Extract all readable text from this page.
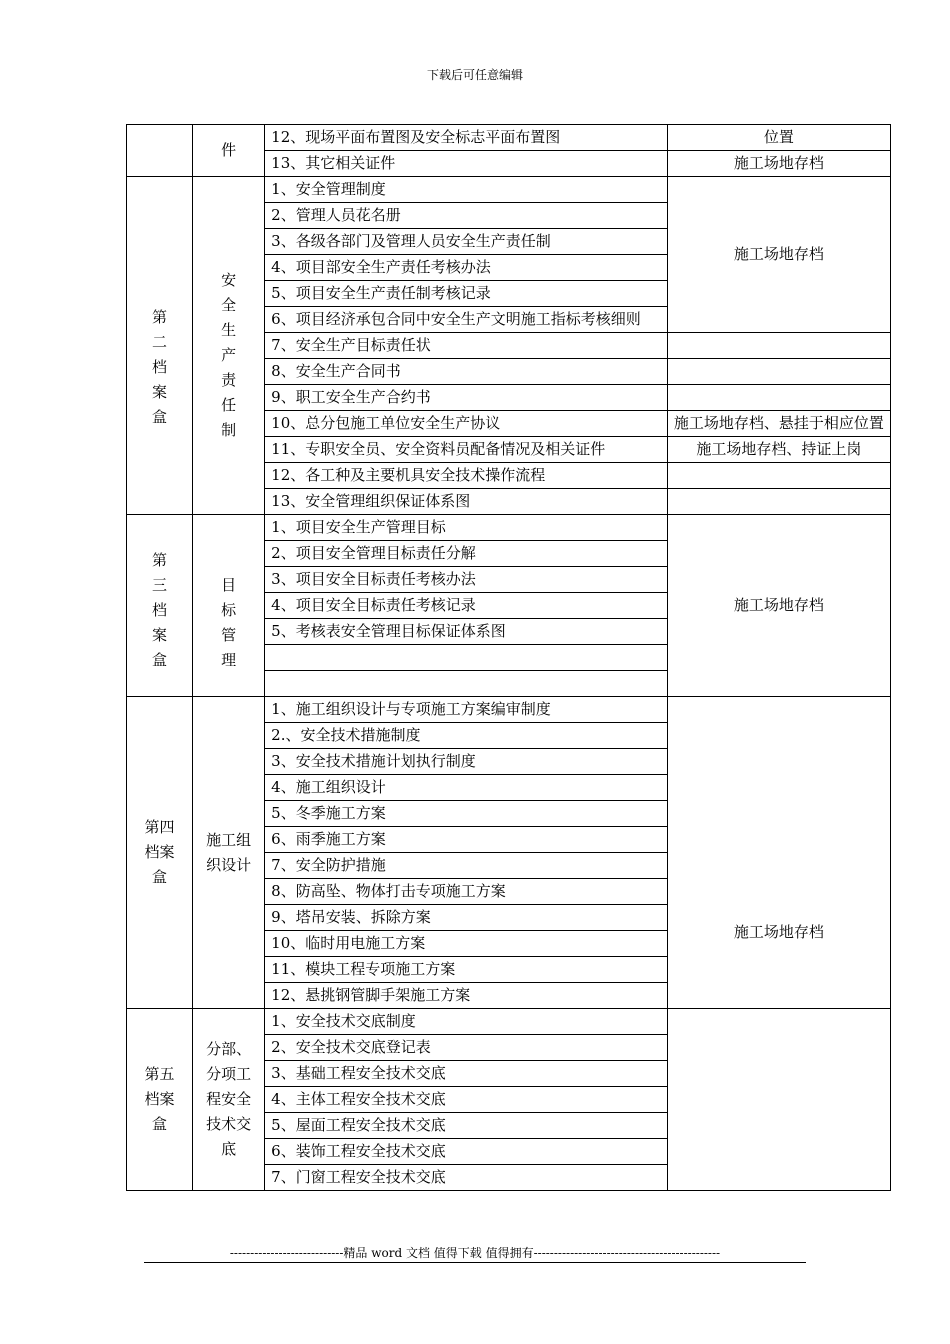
下载后可任意编辑
	件	12、现场平面布置图及安全标志平面布置图	位置
		13、其它相关证件	施工场地存档

第二档案盒	安全生产责任制	1、安全管理制度	施工场地存档
		2、管理人员花名册	
		3、各级各部门及管理人员安全生产责任制	
		4、项目部安全生产责任考核办法	
		5、项目安全生产责任制考核记录	
		6、项目经济承包合同中安全生产文明施工指标考核细则	
		7、安全生产目标责任状	
		8、安全生产合同书	
		9、职工安全生产合约书	
		10、总分包施工单位安全生产协议	施工场地存档、悬挂于相应位置
		11、专职安全员、安全资料员配备情况及相关证件	施工场地存档、持证上岗
		12、各工种及主要机具安全技术操作流程	
		13、安全管理组织保证体系图	

第三档案盒	目标管理	1、项目安全生产管理目标	施工场地存档
		2、项目安全管理目标责任分解	
		3、项目安全目标责任考核办法	
		4、项目安全目标责任考核记录	
		5、考核表安全管理目标保证体系图	

第四档案盒	施工组织设计	1、施工组织设计与专项施工方案编审制度	施工场地存档
		2.、安全技术措施制度	
		3、安全技术措施计划执行制度	
		4、施工组织设计	
		5、冬季施工方案	
		6、雨季施工方案	
		7、安全防护措施	
		8、防高坠、物体打击专项施工方案	
		9、塔吊安装、拆除方案	
		10、临时用电施工方案	
		11、模块工程专项施工方案	
		12、悬挑钢管脚手架施工方案	

第五档案盒	分部、分项工程安全技术交底	1、安全技术交底制度	
		2、安全技术交底登记表	
		3、基础工程安全技术交底	
		4、主体工程安全技术交底	
		5、屋面工程安全技术交底	
		6、装饰工程安全技术交底	
		7、门窗工程安全技术交底	
----------------------------精品 word 文档 值得下载 值得拥有----------------------------------------------
